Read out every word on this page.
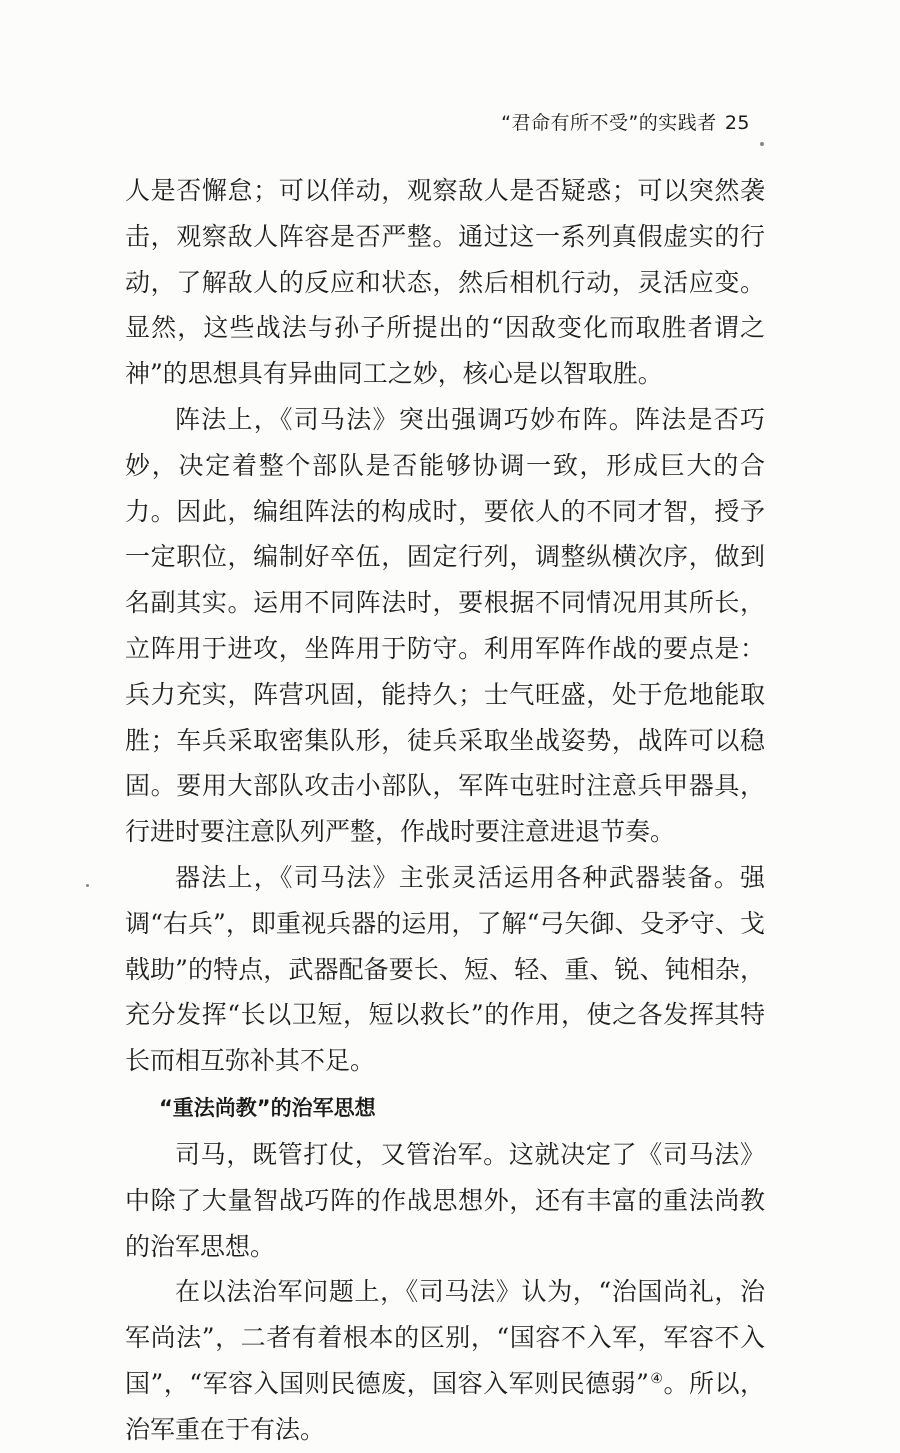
“君命有所不受”的实践者 25

人是否懈怠；可以佯动，观察敌人是否疑惑；可以突然袭击，观察敌人阵容是否严整。通过这一系列真假虚实的行动，了解敌人的反应和状态，然后相机行动，灵活应变。显然，这些战法与孙子所提出的“因敌变化而取胜者谓之神”的思想具有异曲同工之妙，核心是以智取胜。

阵法上，《司马法》突出强调巧妙布阵。阵法是否巧妙，决定着整个部队是否能够协调一致，形成巨大的合力。因此，编组阵法的构成时，要依人的不同才智，授予一定职位，编制好卒伍，固定行列，调整纵横次序，做到名副其实。运用不同阵法时，要根据不同情况用其所长，立阵用于进攻，坐阵用于防守。利用军阵作战的要点是：兵力充实，阵营巩固，能持久；士气旺盛，处于危地能取胜；车兵采取密集队形，徒兵采取坐战姿势，战阵可以稳固。要用大部队攻击小部队，军阵屯驻时注意兵甲器具，行进时要注意队列严整，作战时要注意进退节奏。

器法上，《司马法》主张灵活运用各种武器装备。强调“右兵”，即重视兵器的运用，了解“弓矢御、殳矛守、戈戟助”的特点，武器配备要长、短、轻、重、锐、钝相杂，充分发挥“长以卫短，短以救长”的作用，使之各发挥其特长而相互弥补其不足。

“重法尚教”的治军思想

司马，既管打仗，又管治军。这就决定了《司马法》中除了大量智战巧阵的作战思想外，还有丰富的重法尚教的治军思想。

在以法治军问题上，《司马法》认为，“治国尚礼，治军尚法”，二者有着根本的区别，“国容不入军，军容不入国”，“军容入国则民德废，国容入军则民德弱”④。所以，治军重在于有法。
